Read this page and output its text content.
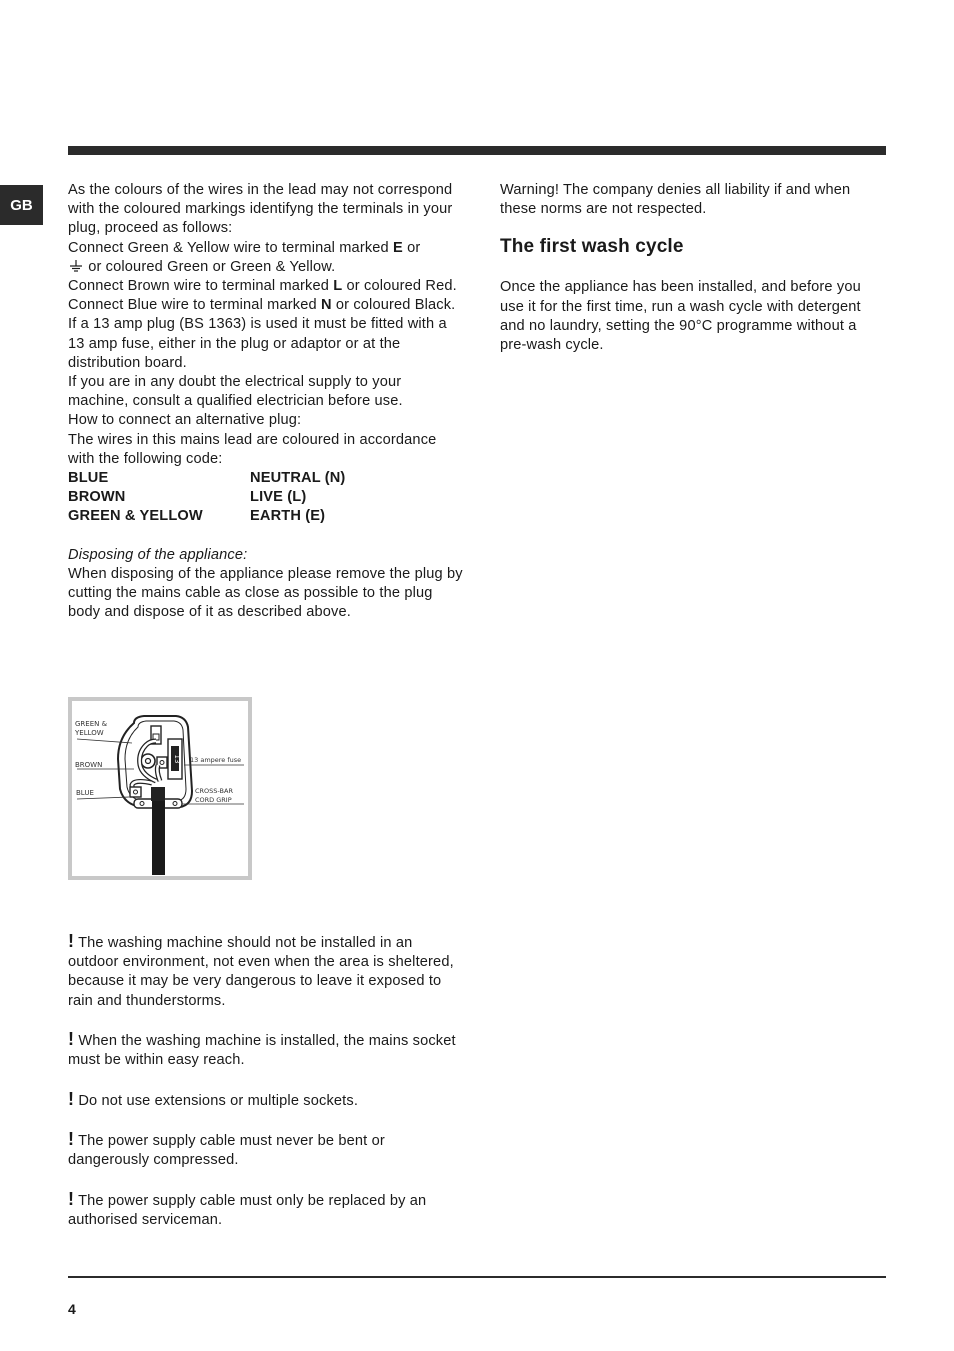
GB

As the colours of the wires in the lead may not correspond with the coloured markings identifyng the terminals in your plug, proceed as follows:

Connect Green & Yellow wire to terminal marked E or
or coloured Green or Green & Yellow.

Connect Brown wire to terminal marked L or coloured Red.

Connect Blue wire to terminal marked N or coloured Black.

If a 13 amp plug (BS 1363) is used it must be fitted with a

13 amp fuse, either in the plug or adaptor or at the distribution board.

If you are in any doubt the electrical supply to your machine, consult a qualified electrician before use.

How to connect an alternative plug:

The wires in this mains lead are coloured in accordance with the following code:

BLUE	NEUTRAL (N)
BROWN	LIVE (L)
GREEN & YELLOW	EARTH (E)

Disposing of the appliance:

When disposing of the appliance please remove the plug by cutting the mains cable as close as possible to the plug body and dispose of it as described above.

13
GREEN &
YELLOW
BROWN
BLUE
13 ampere fuse
CROSS-BAR
CORD GRIP

! The washing machine should not be installed in an outdoor environment, not even when the area is sheltered, because it may be very dangerous to leave it exposed to rain and thunderstorms.

! When the washing machine is installed, the mains socket must be within easy reach.

! Do not use extensions or multiple sockets.

! The power supply cable must never be bent or dangerously compressed.

! The power supply cable must only be replaced by an authorised serviceman.

Warning! The company denies all liability if and when these norms are not respected.

The first wash cycle

Once the appliance has been installed, and before you use it for the first time, run a wash cycle with detergent and no laundry, setting the 90°C programme without a pre-wash cycle.

4
